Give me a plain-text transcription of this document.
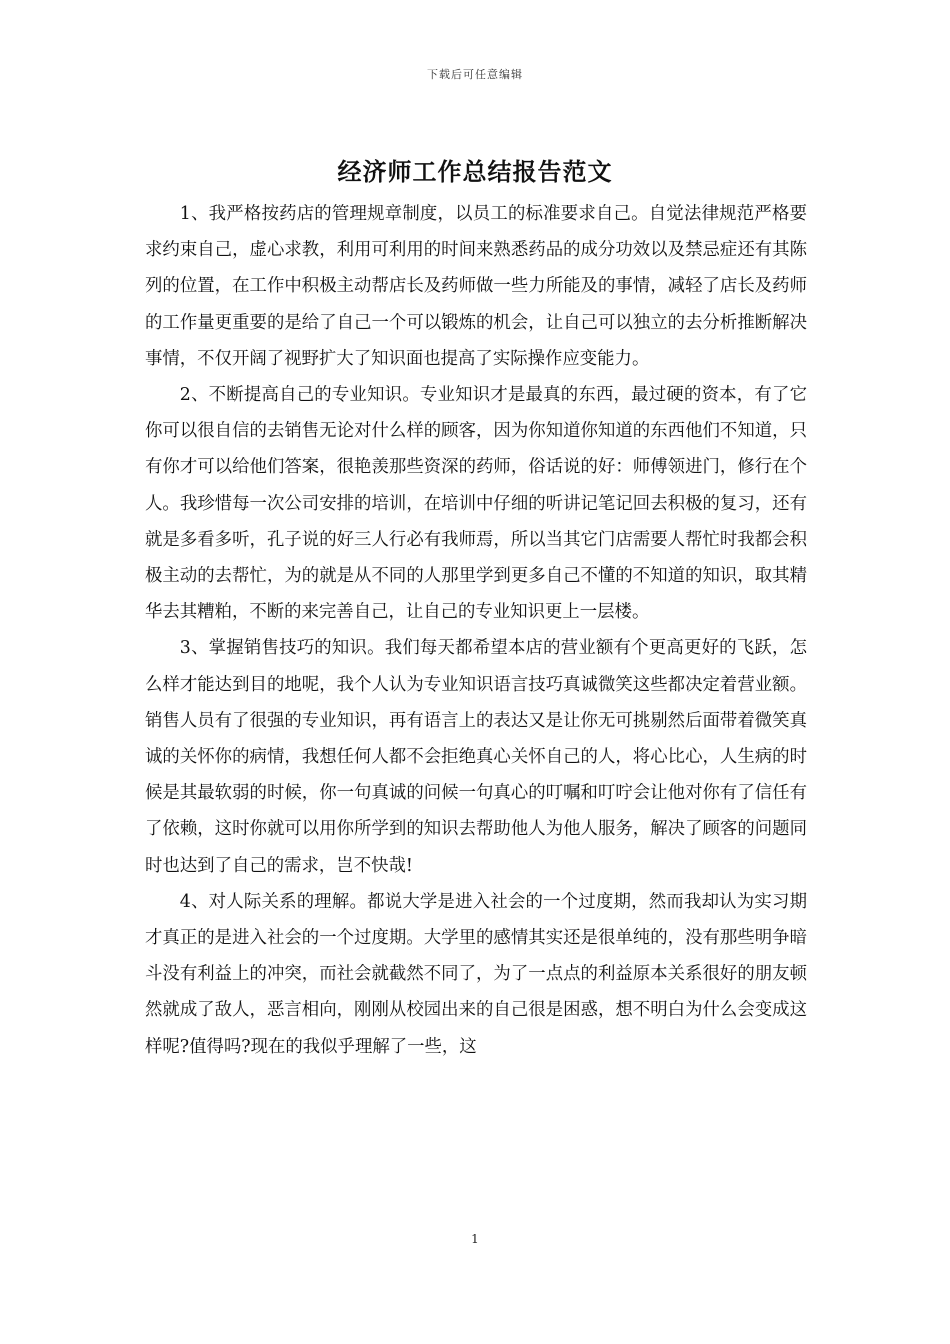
下载后可任意编辑
经济师工作总结报告范文

1、我严格按药店的管理规章制度，以员工的标准要求自己。自觉法律规范严格要求约束自己，虚心求教，利用可利用的时间来熟悉药品的成分功效以及禁忌症还有其陈列的位置，在工作中积极主动帮店长及药师做一些力所能及的事情，减轻了店长及药师的工作量更重要的是给了自己一个可以锻炼的机会，让自己可以独立的去分析推断解决事情，不仅开阔了视野扩大了知识面也提高了实际操作应变能力。

2、不断提高自己的专业知识。专业知识才是最真的东西，最过硬的资本，有了它你可以很自信的去销售无论对什么样的顾客，因为你知道你知道的东西他们不知道，只有你才可以给他们答案，很艳羡那些资深的药师，俗话说的好：师傅领进门，修行在个人。我珍惜每一次公司安排的培训，在培训中仔细的听讲记笔记回去积极的复习，还有就是多看多听，孔子说的好三人行必有我师焉，所以当其它门店需要人帮忙时我都会积极主动的去帮忙，为的就是从不同的人那里学到更多自己不懂的不知道的知识，取其精华去其糟粕，不断的来完善自己，让自己的专业知识更上一层楼。

3、掌握销售技巧的知识。我们每天都希望本店的营业额有个更高更好的飞跃，怎么样才能达到目的地呢，我个人认为专业知识语言技巧真诚微笑这些都决定着营业额。销售人员有了很强的专业知识，再有语言上的表达又是让你无可挑剔然后面带着微笑真诚的关怀你的病情，我想任何人都不会拒绝真心关怀自己的人，将心比心，人生病的时候是其最软弱的时候，你一句真诚的问候一句真心的叮嘱和叮咛会让他对你有了信任有了依赖，这时你就可以用你所学到的知识去帮助他人为他人服务，解决了顾客的问题同时也达到了自己的需求，岂不快哉!

4、对人际关系的理解。都说大学是进入社会的一个过度期，然而我却认为实习期才真正的是进入社会的一个过度期。大学里的感情其实还是很单纯的，没有那些明争暗斗没有利益上的冲突，而社会就截然不同了，为了一点点的利益原本关系很好的朋友顿然就成了敌人，恶言相向，刚刚从校园出来的自己很是困惑，想不明白为什么会变成这样呢?值得吗?现在的我似乎理解了一些，这

1
